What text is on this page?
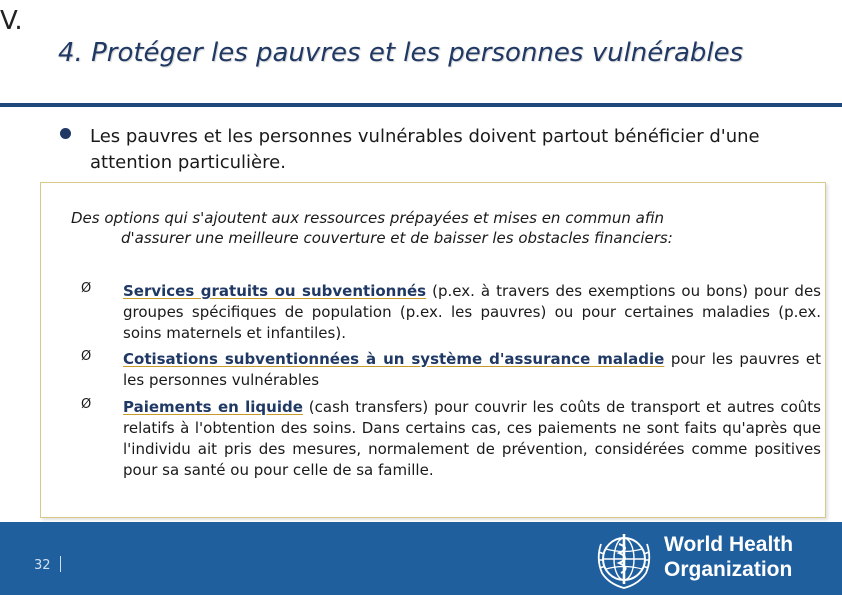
V.
4. Protéger les pauvres et les personnes vulnérables
Les pauvres et les personnes vulnérables doivent partout bénéficier d'une attention particulière.
Des options qui s'ajoutent aux ressources prépayées et mises en commun afin
d'assurer une meilleure couverture et de baisser les obstacles financiers:
Ø Services gratuits ou subventionnés (p.ex. à travers des exemptions ou bons) pour des groupes spécifiques de population (p.ex. les pauvres) ou pour certaines maladies (p.ex. soins maternels et infantiles).
Ø Cotisations subventionnées à un système d'assurance maladie pour les pauvres et les personnes vulnérables
Ø Paiements en liquide (cash transfers) pour couvrir les coûts de transport et autres coûts relatifs à l'obtention des soins. Dans certains cas, ces paiements ne sont faits qu'après que l'individu ait pris des mesures, normalement de prévention, considérées comme positives pour sa santé ou pour celle de sa famille.
32
World Health
Organization
